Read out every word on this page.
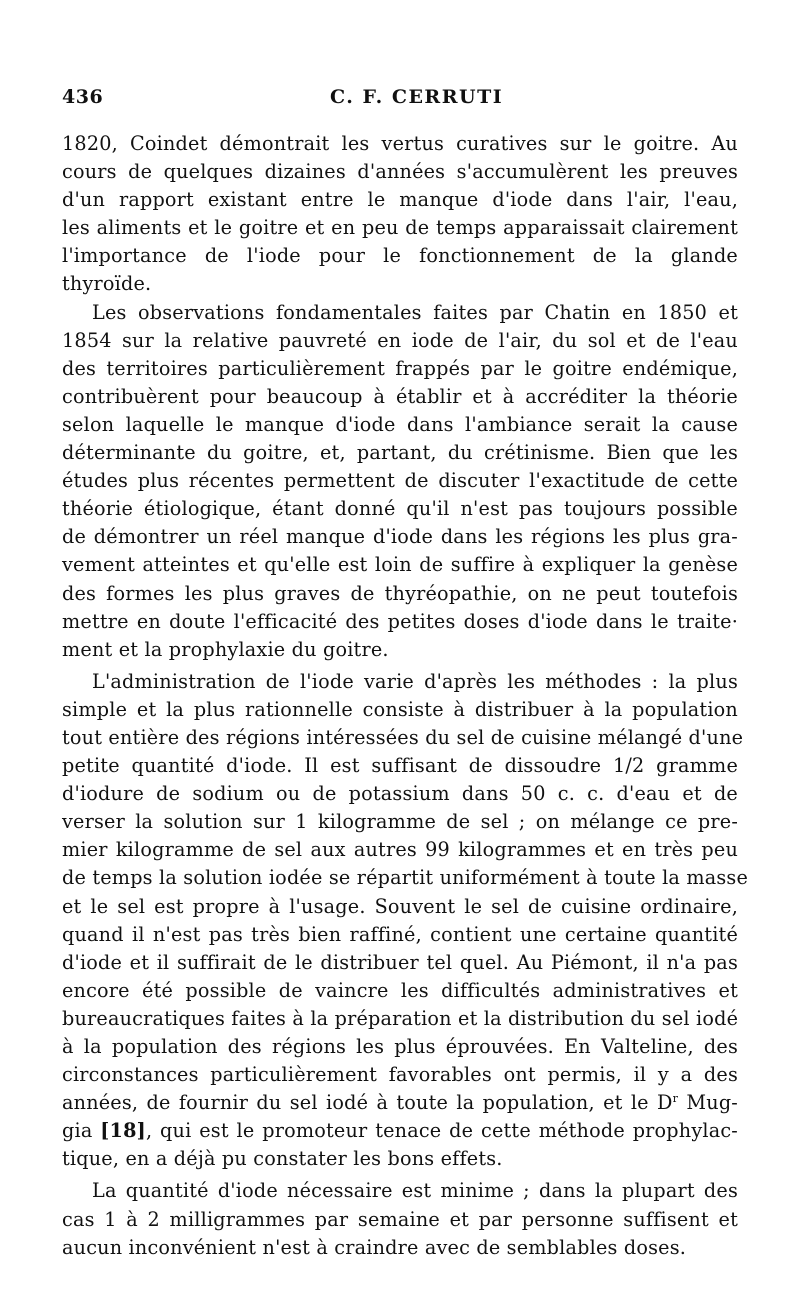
436	C. F. CERRUTI
1820, Coindet démontrait les vertus curatives sur le goitre. Au
cours de quelques dizaines d'années s'accumulèrent les preuves
d'un rapport existant entre le manque d'iode dans l'air, l'eau,
les aliments et le goitre et en peu de temps apparaissait clairement
l'importance de l'iode pour le fonctionnement de la glande
thyroïde.
Les observations fondamentales faites par Chatin en 1850 et
1854 sur la relative pauvreté en iode de l'air, du sol et de l'eau
des territoires particulièrement frappés par le goitre endémique,
contribuèrent pour beaucoup à établir et à accréditer la théorie
selon laquelle le manque d'iode dans l'ambiance serait la cause
déterminante du goitre, et, partant, du crétinisme. Bien que les
études plus récentes permettent de discuter l'exactitude de cette
théorie étiologique, étant donné qu'il n'est pas toujours possible
de démontrer un réel manque d'iode dans les régions les plus gra-
vement atteintes et qu'elle est loin de suffire à expliquer la genèse
des formes les plus graves de thyréopathie, on ne peut toutefois
mettre en doute l'efficacité des petites doses d'iode dans le traite·
ment et la prophylaxie du goitre.
L'administration de l'iode varie d'après les méthodes : la plus
simple et la plus rationnelle consiste à distribuer à la population
tout entière des régions intéressées du sel de cuisine mélangé d'une
petite quantité d'iode. Il est suffisant de dissoudre 1/2 gramme
d'iodure de sodium ou de potassium dans 50 c. c. d'eau et de
verser la solution sur 1 kilogramme de sel ; on mélange ce pre-
mier kilogramme de sel aux autres 99 kilogrammes et en très peu
de temps la solution iodée se répartit uniformément à toute la masse
et le sel est propre à l'usage. Souvent le sel de cuisine ordinaire,
quand il n'est pas très bien raffiné, contient une certaine quantité
d'iode et il suffirait de le distribuer tel quel. Au Piémont, il n'a pas
encore été possible de vaincre les difficultés administratives et
bureaucratiques faites à la préparation et la distribution du sel iodé
à la population des régions les plus éprouvées. En Valteline, des
circonstances particulièrement favorables ont permis, il y a des
années, de fournir du sel iodé à toute la population, et le $D^r$ Mug-
gia [18], qui est le promoteur tenace de cette méthode prophylac-
tique, en a déjà pu constater les bons effets.
La quantité d'iode nécessaire est minime ; dans la plupart des
cas 1 à 2 milligrammes par semaine et par personne suffisent et
aucun inconvénient n'est à craindre avec de semblables doses.
